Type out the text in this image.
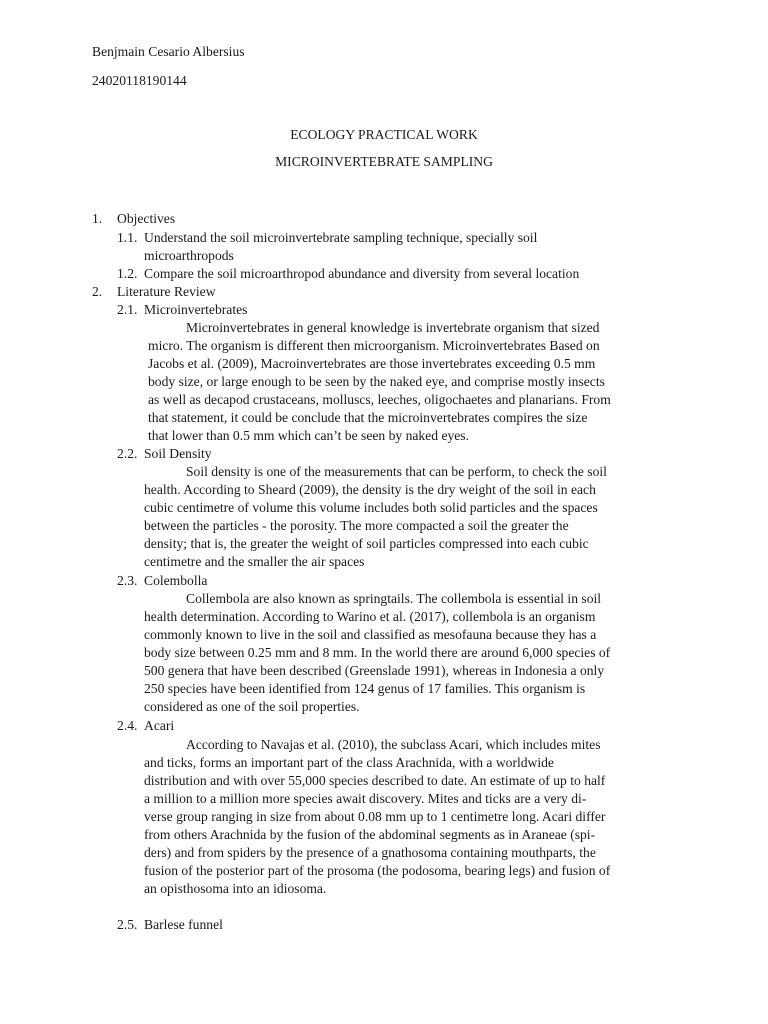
Benjmain Cesario Albersius
24020118190144
ECOLOGY PRACTICAL WORK
MICROINVERTEBRATE SAMPLING
1. Objectives
1.1. Understand the soil microinvertebrate sampling technique, specially soil
microarthropods
1.2. Compare the soil microarthropod abundance and diversity from several location
2. Literature Review
2.1. Microinvertebrates
Microinvertebrates in general knowledge is invertebrate organism that sized
micro. The organism is different then microorganism. Microinvertebrates Based on
Jacobs et al. (2009), Macroinvertebrates are those invertebrates exceeding 0.5 mm
body size, or large enough to be seen by the naked eye, and comprise mostly insects
as well as decapod crustaceans, molluscs, leeches, oligochaetes and planarians. From
that statement, it could be conclude that the microinvertebrates compires the size
that lower than 0.5 mm which can’t be seen by naked eyes.
2.2. Soil Density
Soil density is one of the measurements that can be perform, to check the soil
health. According to Sheard (2009), the density is the dry weight of the soil in each
cubic centimetre of volume this volume includes both solid particles and the spaces
between the particles - the porosity. The more compacted a soil the greater the
density; that is, the greater the weight of soil particles compressed into each cubic
centimetre and the smaller the air spaces
2.3. Colembolla
Collembola are also known as springtails. The collembola is essential in soil
health determination. According to Warino et al. (2017), collembola is an organism
commonly known to live in the soil and classified as mesofauna because they has a
body size between 0.25 mm and 8 mm. In the world there are around 6,000 species of
500 genera that have been described (Greenslade 1991), whereas in Indonesia a only
250 species have been identified from 124 genus of 17 families. This organism is
considered as one of the soil properties.
2.4. Acari
According to Navajas et al. (2010), the subclass Acari, which includes mites
and ticks, forms an important part of the class Arachnida, with a worldwide
distribution and with over 55,000 species described to date. An estimate of up to half
a million to a million more species await discovery. Mites and ticks are a very di-
verse group ranging in size from about 0.08 mm up to 1 centimetre long. Acari differ
from others Arachnida by the fusion of the abdominal segments as in Araneae (spi-
ders) and from spiders by the presence of a gnathosoma containing mouthparts, the
fusion of the posterior part of the prosoma (the podosoma, bearing legs) and fusion of
an opisthosoma into an idiosoma.
2.5. Barlese funnel
